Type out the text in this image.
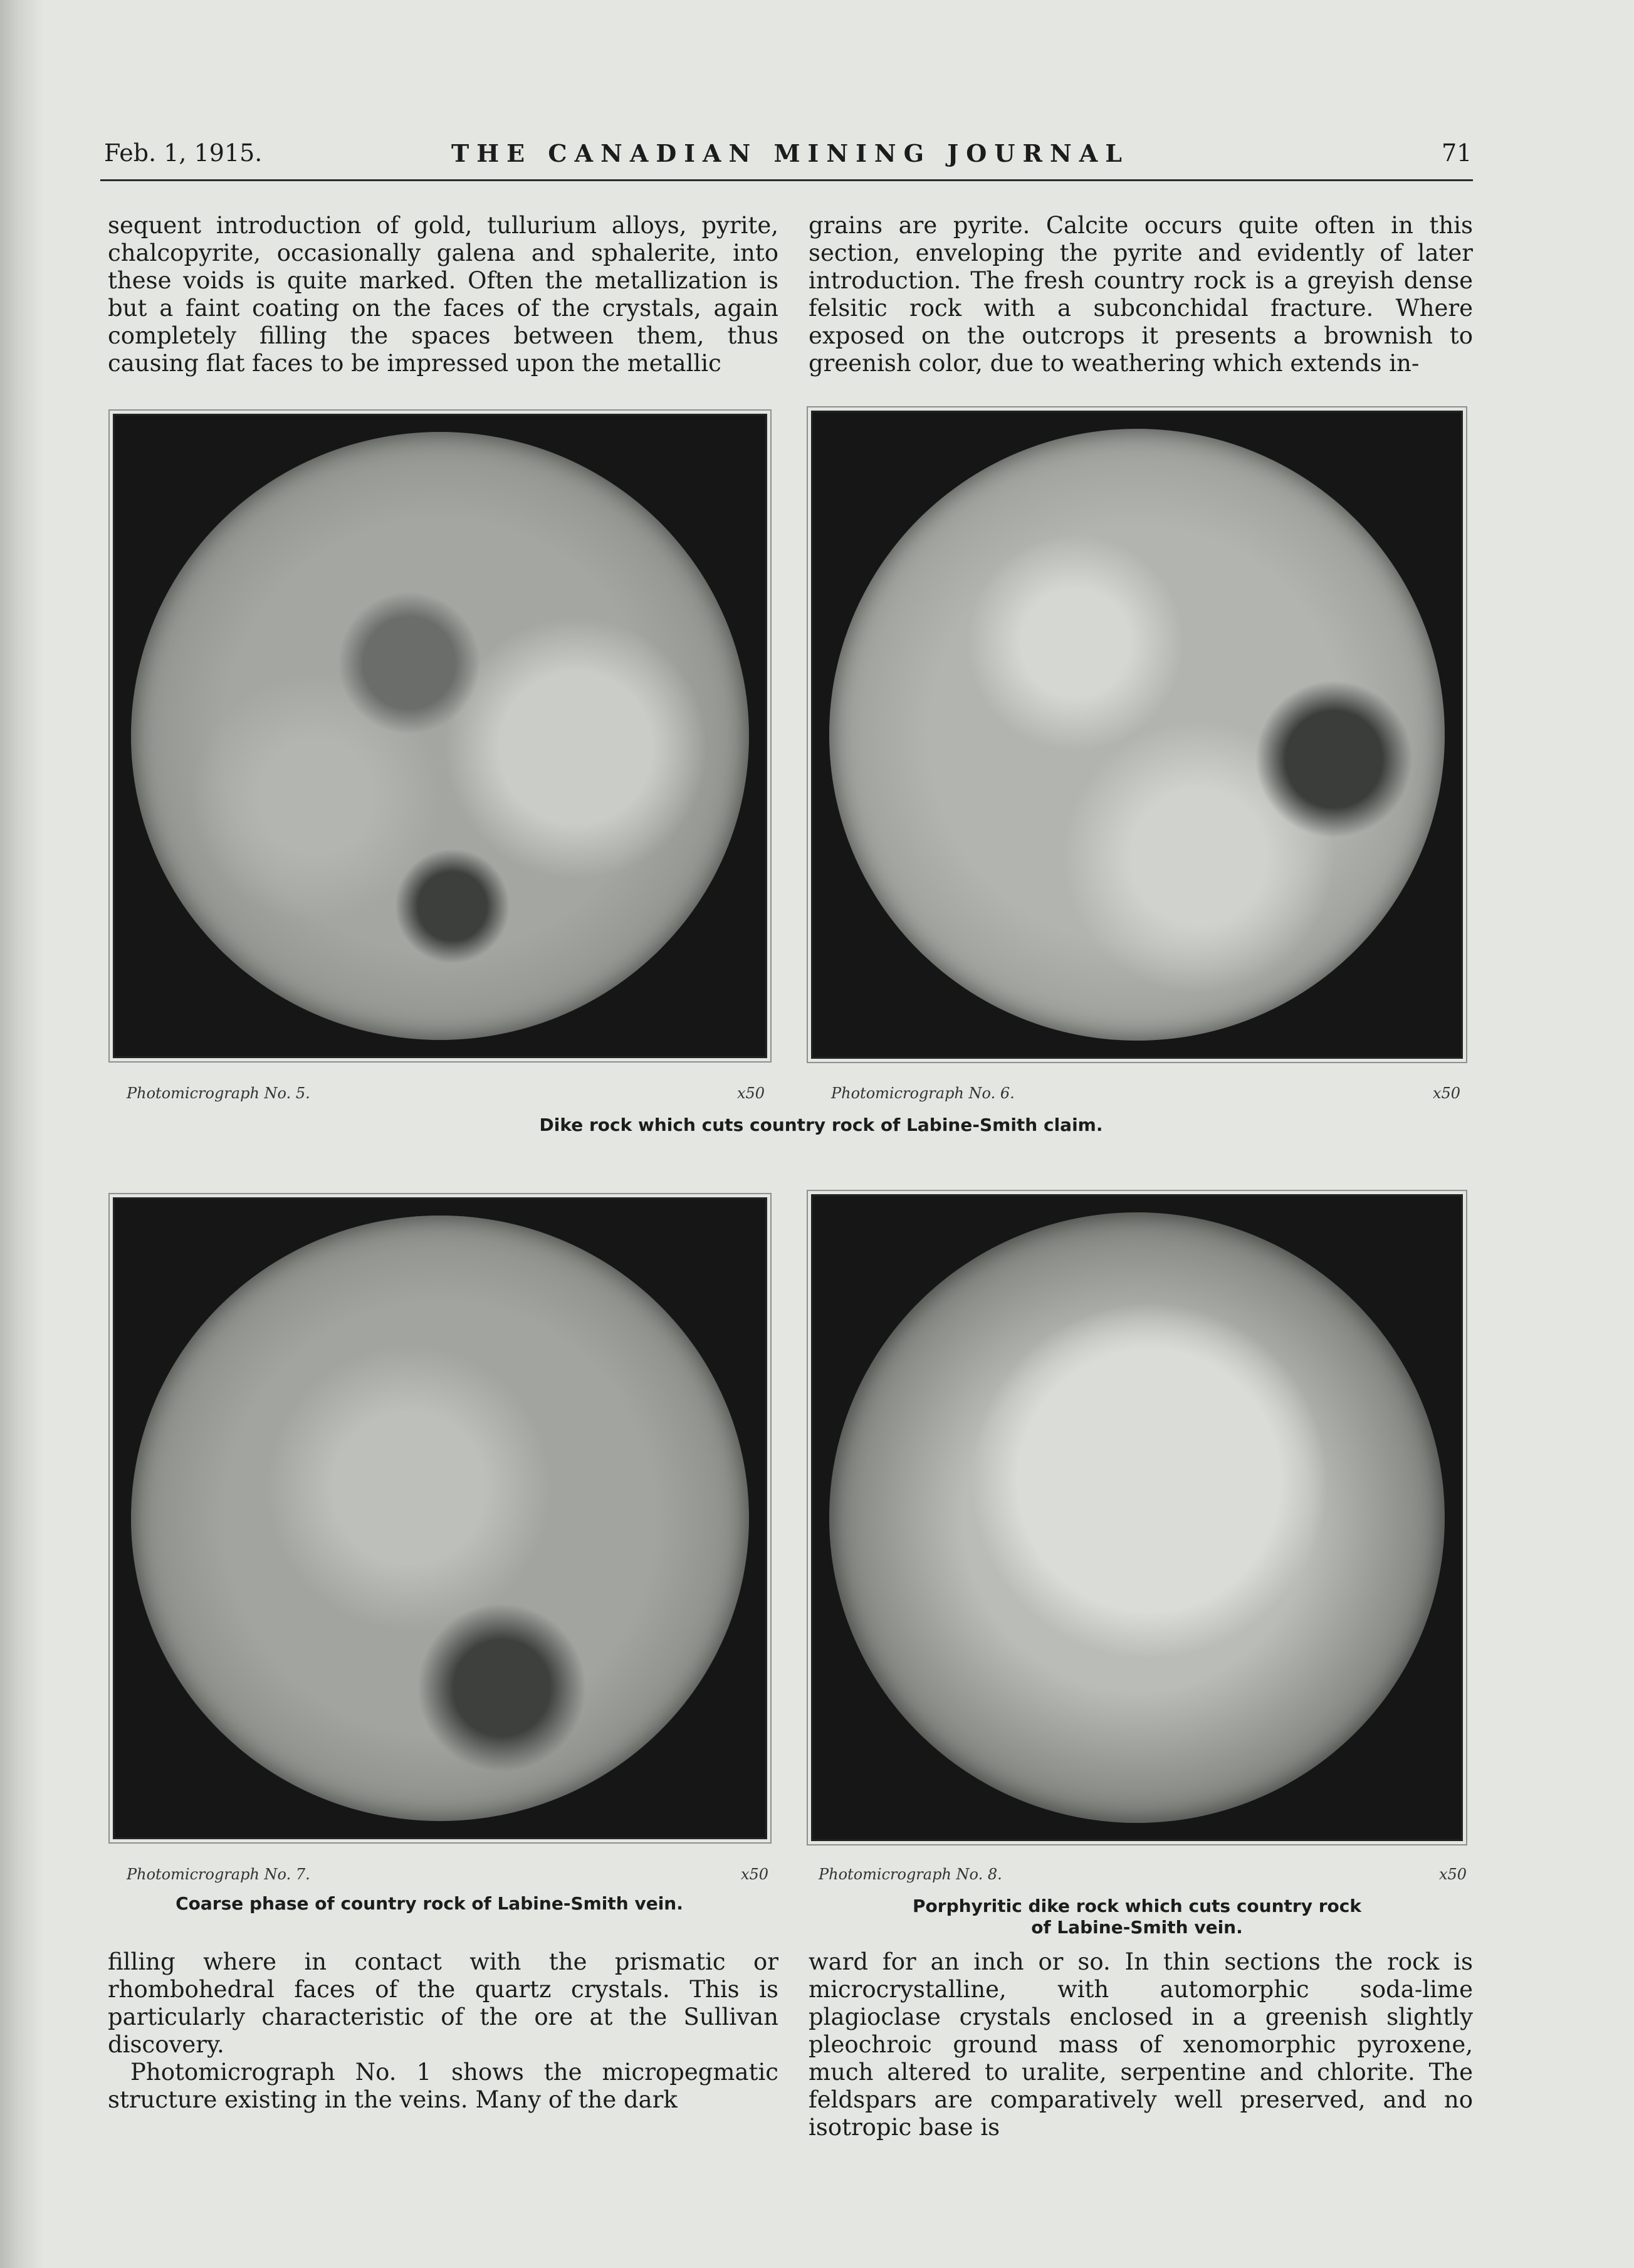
Feb. 1, 1915.	THE CANADIAN MINING JOURNAL	71

sequent introduction of gold, tullurium alloys, pyrite, chalcopyrite, occasionally galena and sphalerite, into these voids is quite marked. Often the metallization is but a faint coating on the faces of the crystals, again completely filling the spaces between them, thus causing flat faces to be impressed upon the metallic

grains are pyrite. Calcite occurs quite often in this section, enveloping the pyrite and evidently of later introduction. The fresh country rock is a greyish dense felsitic rock with a subconchidal fracture. Where exposed on the outcrops it presents a brownish to greenish color, due to weathering which extends in-

Photomicrograph No. 5.	x50	Photomicrograph No. 6.	x50
Dike rock which cuts country rock of Labine-Smith claim.
Photomicrograph No. 7.	x50	Photomicrograph No. 8.	x50
Coarse phase of country rock of Labine-Smith vein.	Porphyritic dike rock which cuts country rock
of Labine-Smith vein.

filling where in contact with the prismatic or rhombohedral faces of the quartz crystals. This is particularly characteristic of the ore at the Sullivan discovery.

Photomicrograph No. 1 shows the micropegmatic structure existing in the veins. Many of the dark

ward for an inch or so. In thin sections the rock is microcrystalline, with automorphic soda-lime plagioclase crystals enclosed in a greenish slightly pleochroic ground mass of xenomorphic pyroxene, much altered to uralite, serpentine and chlorite. The feldspars are comparatively well preserved, and no isotropic base is
